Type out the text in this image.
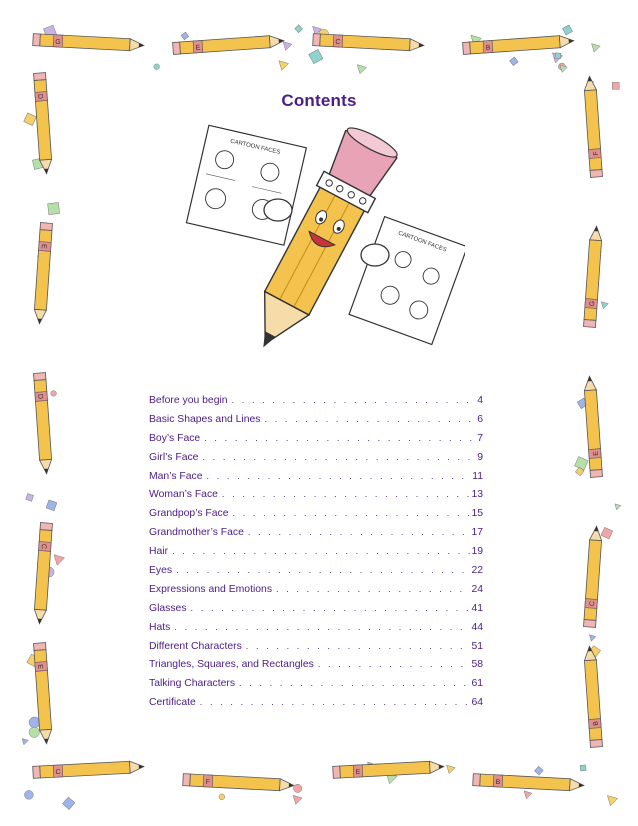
G
E
C
B
C
F
E
B
D
E
D
C
E
F
G
E
C
B
Contents
CARTOON FACES
CARTOON FACES
Before you begin . . .	4
Basic Shapes and Lines . . .	6
Boy’s Face . . .	7
Girl’s Face . . .	9
Man’s Face . . .	11
Woman’s Face . . .	13
Grandpop’s Face . . .	15
Grandmother’s Face . . .	17
Hair . . .	19
Eyes . . .	22
Expressions and Emotions . . .	24
Glasses . . .	41
Hats . . .	44
Different Characters . . .	51
Triangles, Squares, and Rectangles . . .	58
Talking Characters . . .	61
Certificate . . .	64
